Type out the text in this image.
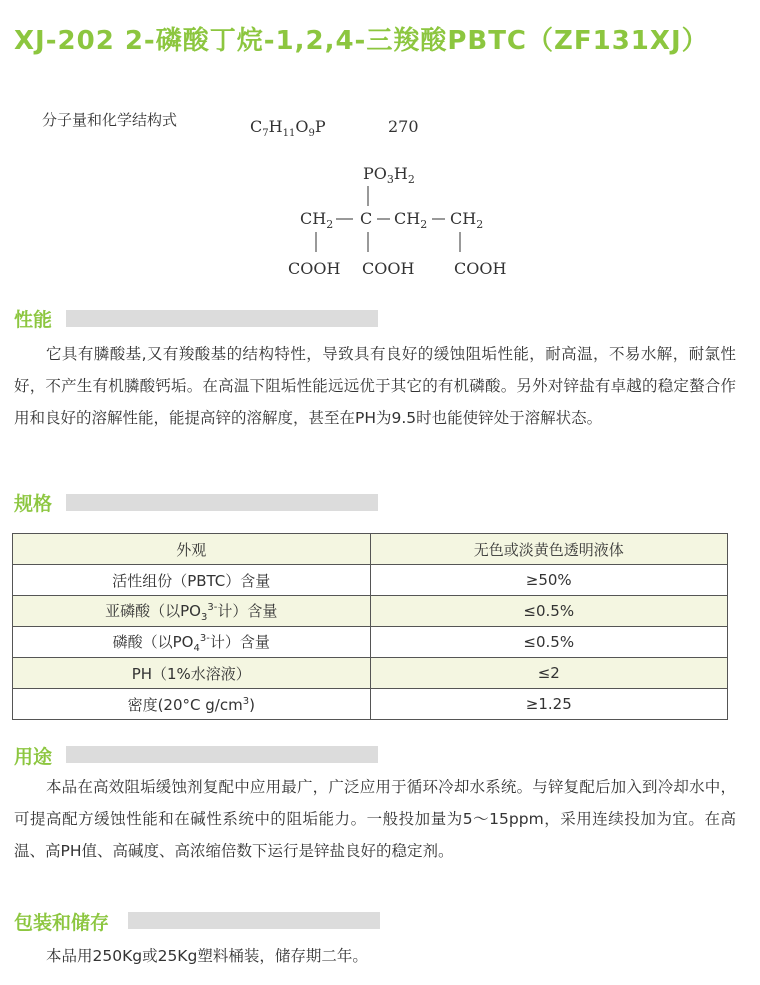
XJ-202 2-磷酸丁烷-1,2,4-三羧酸PBTC（ZF131XJ）
分子量和化学结构式	$C_7H_{11}O_9P$	270
$PO_3H_2$
$CH_2$ C $CH_2$ $CH_2$
COOH COOH COOH
性能
它具有膦酸基,又有羧酸基的结构特性，导致具有良好的缓蚀阻垢性能，耐高温，不易水解，耐氯性好，不产生有机膦酸钙垢。在高温下阻垢性能远远优于其它的有机磷酸。另外对锌盐有卓越的稳定螯合作用和良好的溶解性能，能提高锌的溶解度，甚至在PH为9.5时也能使锌处于溶解状态。
规格
外观	无色或淡黄色透明液体
活性组份（PBTC）含量	≥50%
亚磷酸（以$PO_3^{3-}$计）含量	≤0.5%
磷酸（以$PO_4^{3-}$计）含量	≤0.5%
PH（1%水溶液）	≤2
密度(20°C $g/cm^3$)	≥1.25
用途
本品在高效阻垢缓蚀剂复配中应用最广，广泛应用于循环冷却水系统。与锌复配后加入到冷却水中，可提高配方缓蚀性能和在碱性系统中的阻垢能力。一般投加量为5～15ppm，采用连续投加为宜。在高温、高PH值、高碱度、高浓缩倍数下运行是锌盐良好的稳定剂。
包装和储存
本品用250Kg或25Kg塑料桶装，储存期二年。
